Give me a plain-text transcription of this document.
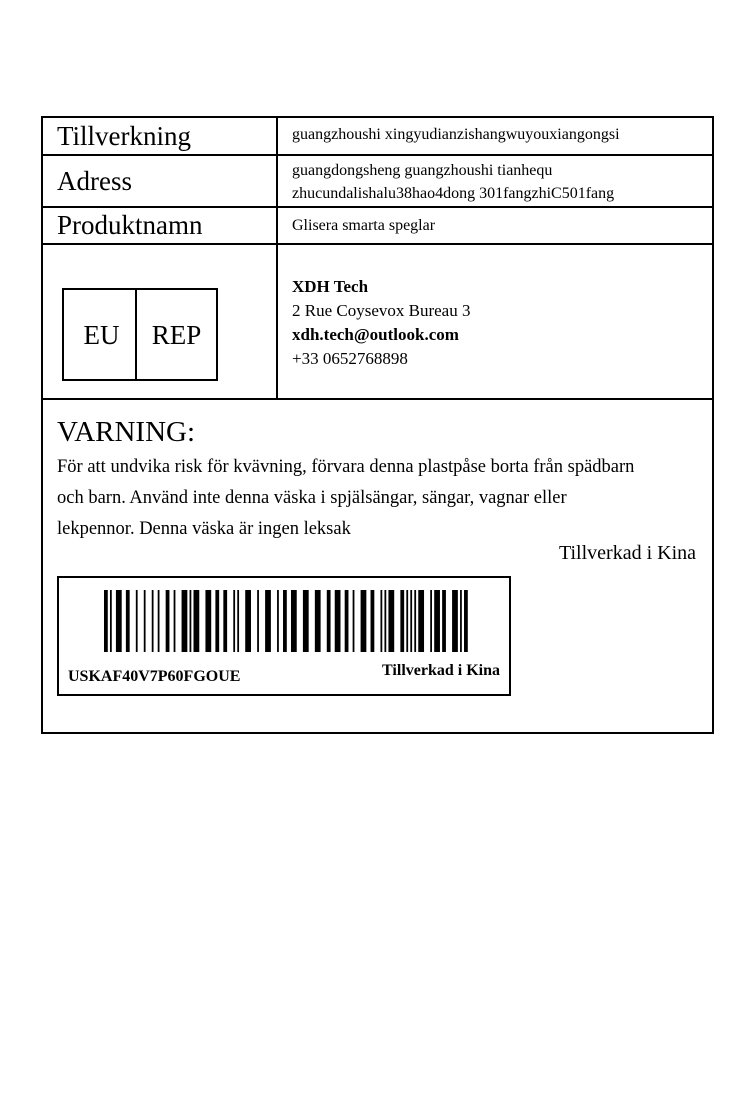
Tillverkning	guangzhoushi xingyudianzishangwuyouxiangongsi
Adress	guangdongsheng guangzhoushi tianhequ
zhucundalishalu38hao4dong 301fangzhiC501fang
Produktnamn	Glisera smarta speglar
EU	REP
XDH Tech
2 Rue Coysevox Bureau 3
xdh.tech@outlook.com
+33 0652768898
VARNING:
För att undvika risk för kvävning, förvara denna plastpåse borta från spädbarn
och barn. Använd inte denna väska i spjälsängar, sängar, vagnar eller
lekpennor. Denna väska är ingen leksak
Tillverkad i Kina
USKAF40V7P60FGOUE	Tillverkad i Kina
